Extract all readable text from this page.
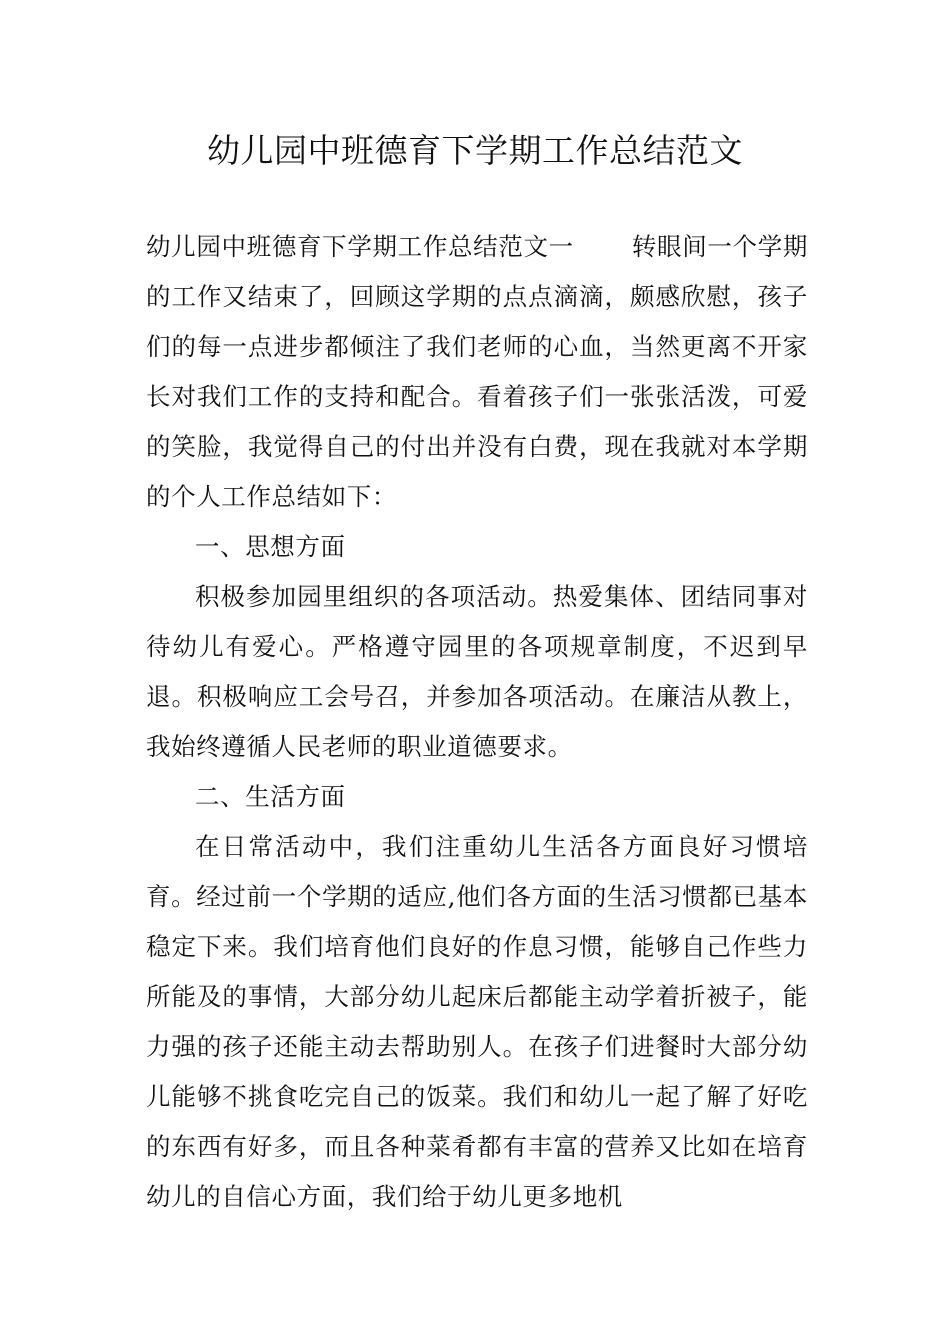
幼儿园中班德育下学期工作总结范文

幼儿园中班德育下学期工作总结范文一 转眼间一个学期的工作又结束了，回顾这学期的点点滴滴，颇感欣慰，孩子们的每一点进步都倾注了我们老师的心血，当然更离不开家长对我们工作的支持和配合。看着孩子们一张张活泼，可爱的笑脸，我觉得自己的付出并没有白费，现在我就对本学期的个人工作总结如下：

一、思想方面

积极参加园里组织的各项活动。热爱集体、团结同事对待幼儿有爱心。严格遵守园里的各项规章制度，不迟到早退。积极响应工会号召，并参加各项活动。在廉洁从教上，我始终遵循人民老师的职业道德要求。

二、生活方面

在日常活动中，我们注重幼儿生活各方面良好习惯培育。经过前一个学期的适应,他们各方面的生活习惯都已基本稳定下来。我们培育他们良好的作息习惯，能够自己作些力所能及的事情，大部分幼儿起床后都能主动学着折被子，能力强的孩子还能主动去帮助别人。在孩子们进餐时大部分幼儿能够不挑食吃完自己的饭菜。我们和幼儿一起了解了好吃的东西有好多，而且各种菜肴都有丰富的营养又比如在培育幼儿的自信心方面，我们给于幼儿更多地机
